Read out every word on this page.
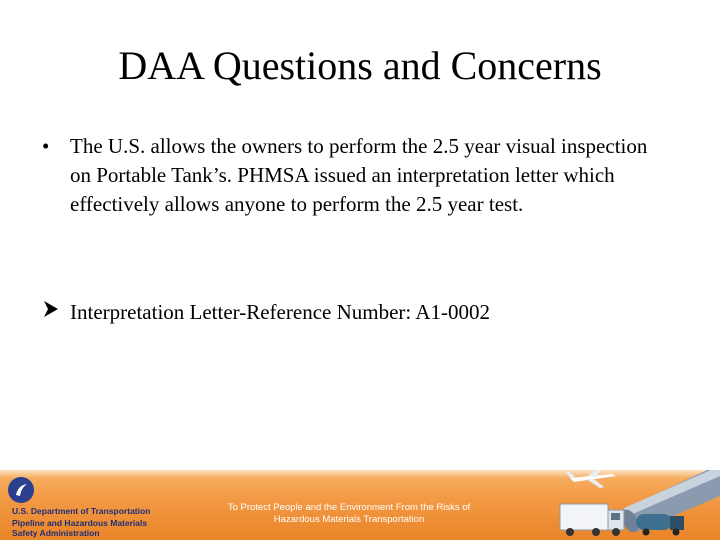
DAA Questions and Concerns
• The U.S. allows the owners to perform the 2.5 year visual inspection on Portable Tank’s. PHMSA issued an interpretation letter which effectively allows anyone to perform the 2.5 year test.
Interpretation Letter-Reference Number: A1-0002
U.S. Department of Transportation
Pipeline and Hazardous Materials
Safety Administration
To Protect People and the Environment From the Risks of
Hazardous Materials Transportation
